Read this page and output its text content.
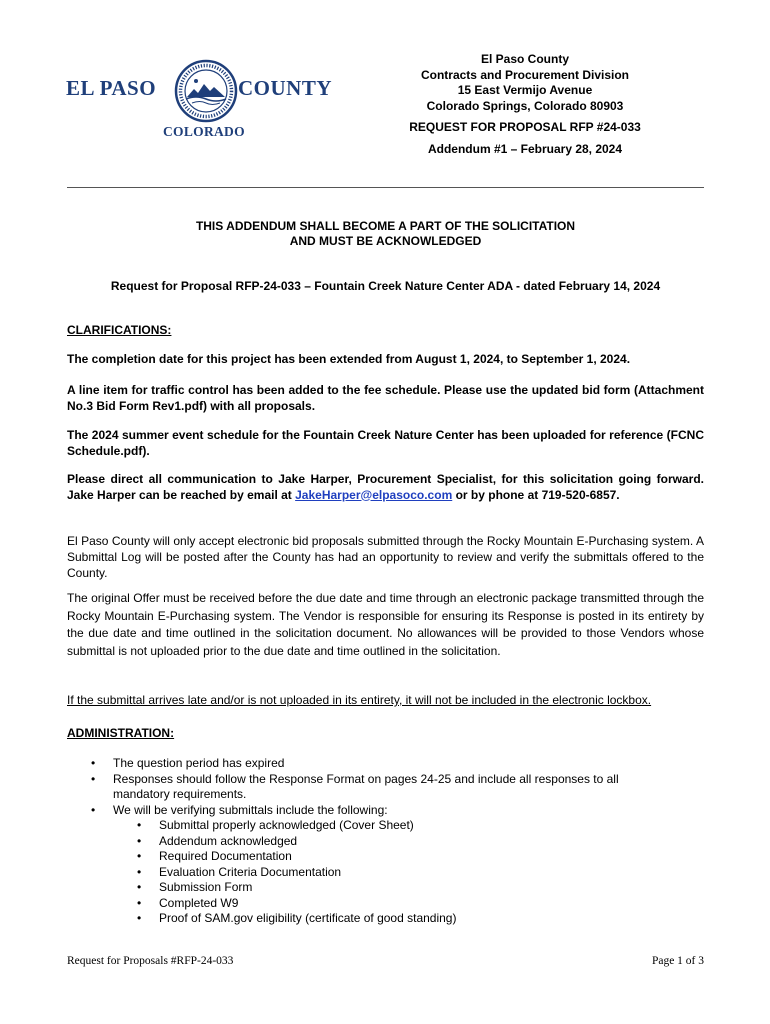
EL PASO	COUNTY
COLORADO
El Paso County
Contracts and Procurement Division
15 East Vermijo Avenue
Colorado Springs, Colorado 80903
REQUEST FOR PROPOSAL RFP #24-033
Addendum #1 – February 28, 2024
THIS ADDENDUM SHALL BECOME A PART OF THE SOLICITATION
AND MUST BE ACKNOWLEDGED
Request for Proposal RFP-24-033 – Fountain Creek Nature Center ADA - dated February 14, 2024
CLARIFICATIONS:
The completion date for this project has been extended from August 1, 2024, to September 1, 2024.
A line item for traffic control has been added to the fee schedule. Please use the updated bid form (Attachment No.3 Bid Form Rev1.pdf) with all proposals.
The 2024 summer event schedule for the Fountain Creek Nature Center has been uploaded for reference (FCNC Schedule.pdf).
Please direct all communication to Jake Harper, Procurement Specialist, for this solicitation going forward. Jake Harper can be reached by email at JakeHarper@elpasoco.com or by phone at 719-520-6857.
El Paso County will only accept electronic bid proposals submitted through the Rocky Mountain E-Purchasing system. A Submittal Log will be posted after the County has had an opportunity to review and verify the submittals offered to the County.
The original Offer must be received before the due date and time through an electronic package transmitted through the Rocky Mountain E-Purchasing system. The Vendor is responsible for ensuring its Response is posted in its entirety by the due date and time outlined in the solicitation document. No allowances will be provided to those Vendors whose submittal is not uploaded prior to the due date and time outlined in the solicitation.
If the submittal arrives late and/or is not uploaded in its entirety, it will not be included in the electronic lockbox.
ADMINISTRATION:
• The question period has expired
• Responses should follow the Response Format on pages 24-25 and include all responses to all mandatory requirements.
• We will be verifying submittals include the following:
• Submittal properly acknowledged (Cover Sheet)
• Addendum acknowledged
• Required Documentation
• Evaluation Criteria Documentation
• Submission Form
• Completed W9
• Proof of SAM.gov eligibility (certificate of good standing)
Request for Proposals #RFP-24-033	Page 1 of 3
